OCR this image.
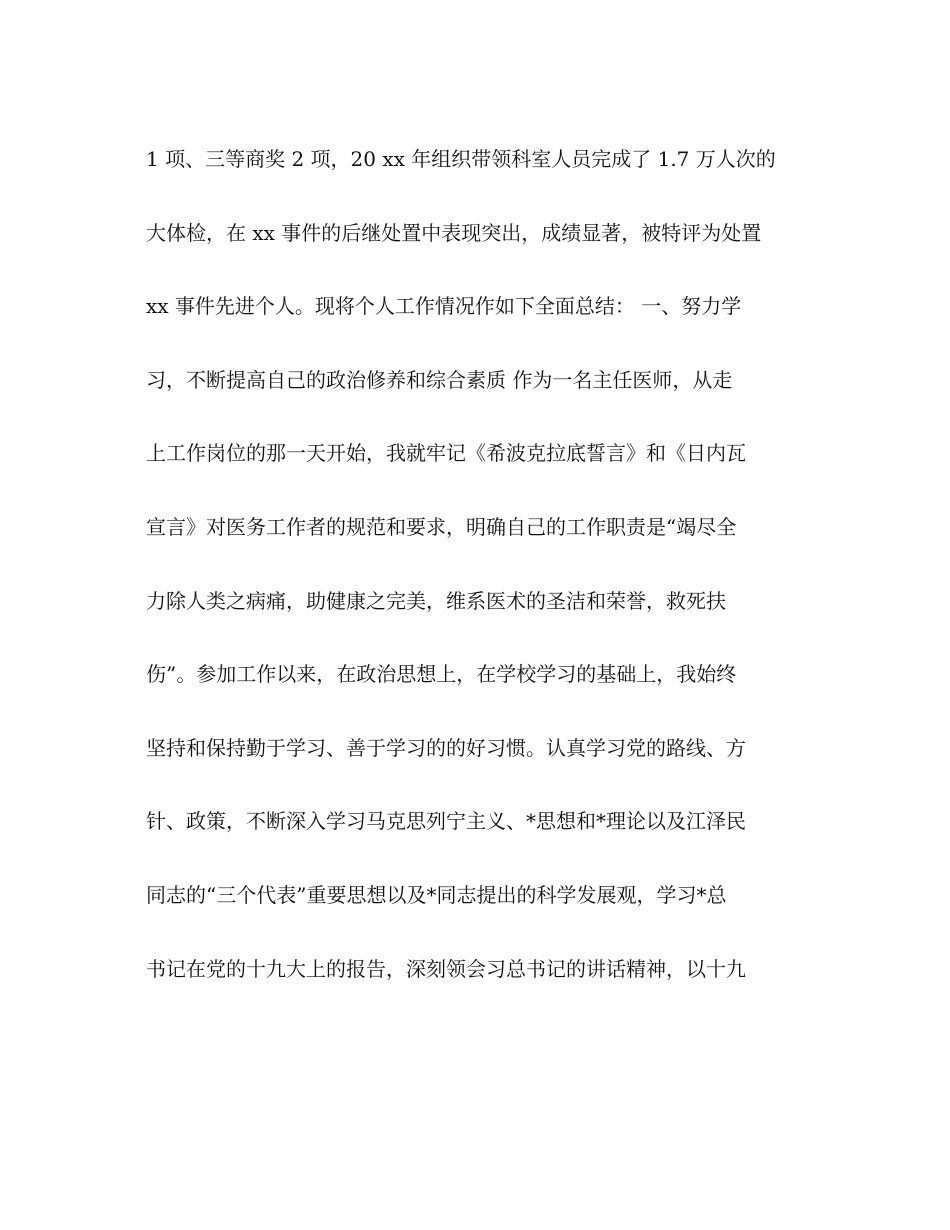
1 项、三等商奖 2 项，20 xx 年组织带领科室人员完成了 1.7 万人次的
大体检，在 xx 事件的后继处置中表现突出，成绩显著，被特评为处置
xx 事件先进个人。现将个人工作情况作如下全面总结： 一、努力学
习，不断提高自己的政治修养和综合素质 作为一名主任医师，从走
上工作岗位的那一天开始，我就牢记《希波克拉底誓言》和《日内瓦
宣言》对医务工作者的规范和要求，明确自己的工作职责是“竭尽全
力除人类之病痛，助健康之完美，维系医术的圣洁和荣誉，救死扶
伤”。参加工作以来，在政治思想上，在学校学习的基础上，我始终
坚持和保持勤于学习、善于学习的的好习惯。认真学习党的路线、方
针、政策，不断深入学习马克思列宁主义、*思想和*理论以及江泽民
同志的“三个代表”重要思想以及*同志提出的科学发展观，学习*总
书记在党的十九大上的报告，深刻领会习总书记的讲话精神，以十九
